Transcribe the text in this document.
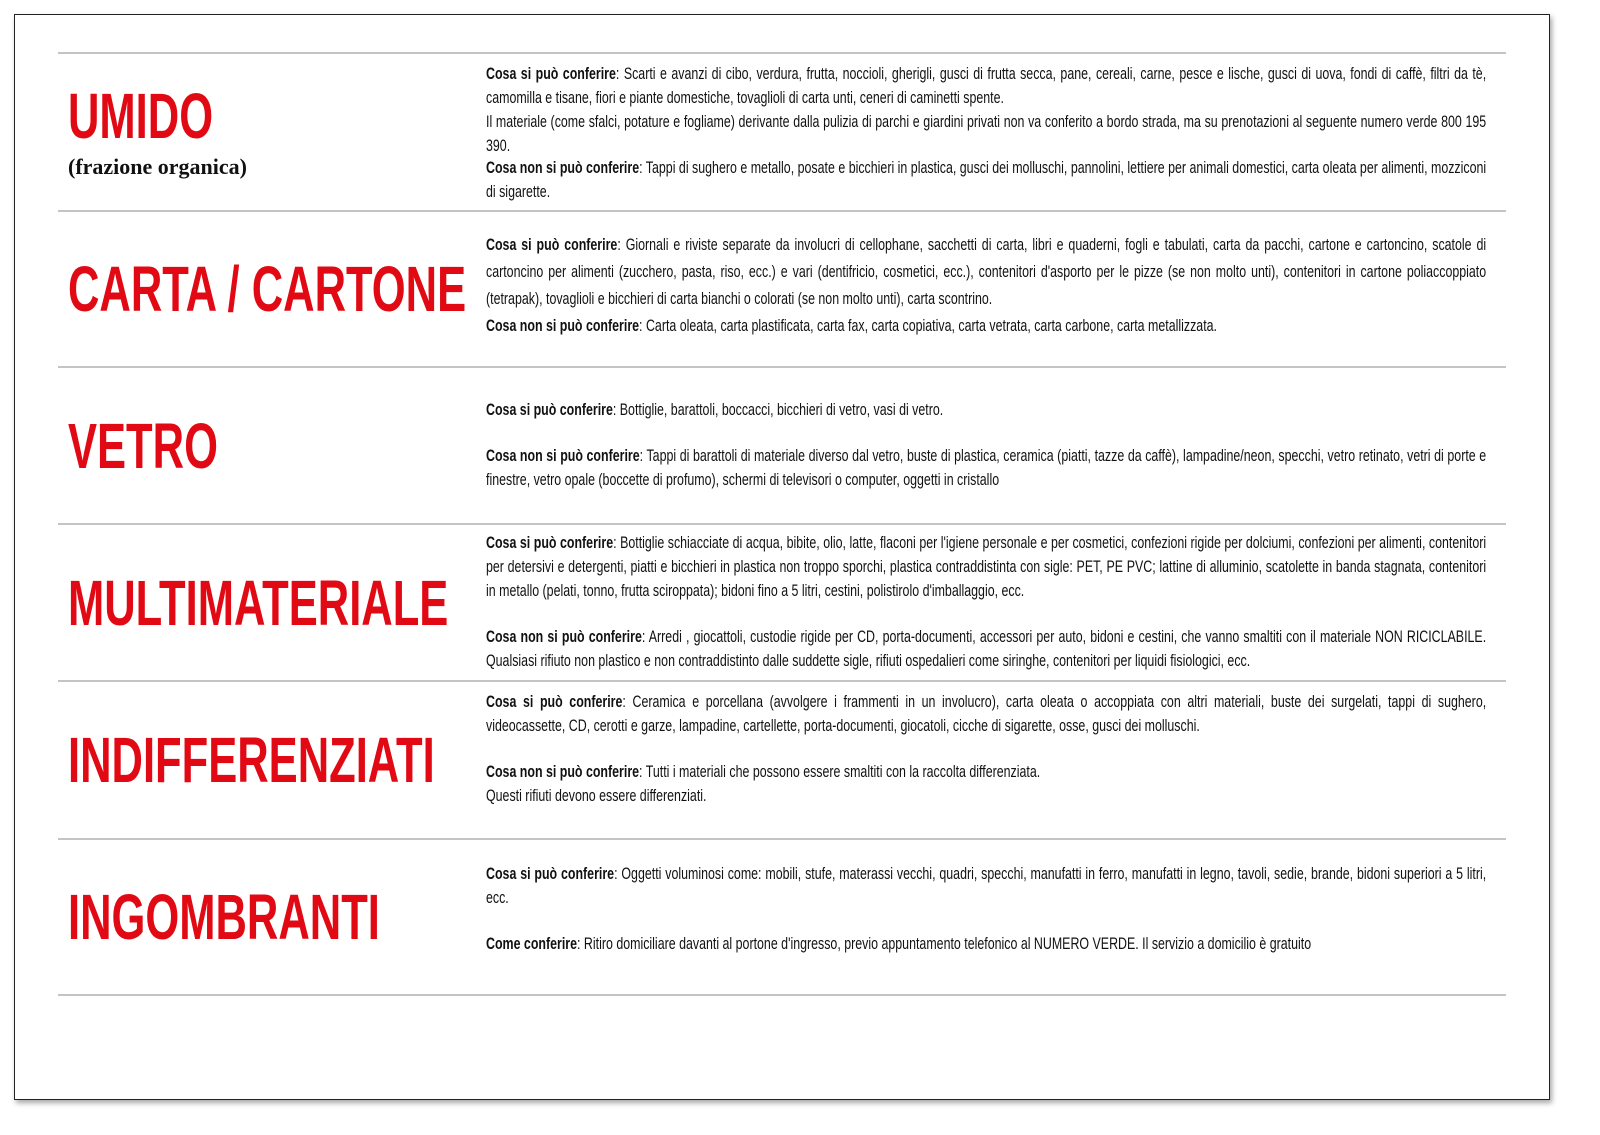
UMIDO
(frazione organica)
Cosa si può conferire: Scarti e avanzi di cibo, verdura, frutta, noccioli, gherigli, gusci di frutta secca, pane, cereali, carne, pesce e lische, gusci di uova, fondi di caffè, filtri da tè, camomilla e tisane, fiori e piante domestiche, tovaglioli di carta unti, ceneri di caminetti spente.
Il materiale (come sfalci, potature e fogliame) derivante dalla pulizia di parchi e giardini privati non va conferito a bordo strada, ma su prenotazioni al seguente numero verde 800 195 390.
Cosa non si può conferire: Tappi di sughero e metallo, posate e bicchieri in plastica, gusci dei molluschi, pannolini, lettiere per animali domestici, carta oleata per alimenti, mozziconi di sigarette.
CARTA / CARTONE
Cosa si può conferire: Giornali e riviste separate da involucri di cellophane, sacchetti di carta, libri e quaderni, fogli e tabulati, carta da pacchi, cartone e cartoncino, scatole di cartoncino per alimenti (zucchero, pasta, riso, ecc.) e vari (dentifricio, cosmetici, ecc.), contenitori d'asporto per le pizze (se non molto unti), contenitori in cartone poliaccoppiato (tetrapak), tovaglioli e bicchieri di carta bianchi o colorati (se non molto unti), carta scontrino.
Cosa non si può conferire: Carta oleata, carta plastificata, carta fax, carta copiativa, carta vetrata, carta carbone, carta metallizzata.
VETRO	Cosa si può conferire: Bottiglie, barattoli, boccacci, bicchieri di vetro, vasi di vetro.
Cosa non si può conferire: Tappi di barattoli di materiale diverso dal vetro, buste di plastica, ceramica (piatti, tazze da caffè), lampadine/neon, specchi, vetro retinato, vetri di porte e finestre, vetro opale (boccette di profumo), schermi di televisori o computer, oggetti in cristallo
MULTIMATERIALE
Cosa si può conferire: Bottiglie schiacciate di acqua, bibite, olio, latte, flaconi per l'igiene personale e per cosmetici, confezioni rigide per dolciumi, confezioni per alimenti, contenitori per detersivi e detergenti, piatti e bicchieri in plastica non troppo sporchi, plastica contraddistinta con sigle: PET, PE PVC; lattine di alluminio, scatolette in banda stagnata, contenitori in metallo (pelati, tonno, frutta sciroppata); bidoni fino a 5 litri, cestini, polistirolo d'imballaggio, ecc.
Cosa non si può conferire: Arredi , giocattoli, custodie rigide per CD, porta-documenti, accessori per auto, bidoni e cestini, che vanno smaltiti con il materiale NON RICICLABILE. Qualsiasi rifiuto non plastico e non contraddistinto dalle suddette sigle, rifiuti ospedalieri come siringhe, contenitori per liquidi fisiologici, ecc.
INDIFFERENZIATI
Cosa si può conferire: Ceramica e porcellana (avvolgere i frammenti in un involucro), carta oleata o accoppiata con altri materiali, buste dei surgelati, tappi di sughero, videocassette, CD, cerotti e garze, lampadine, cartellette, porta-documenti, giocatoli, cicche di sigarette, osse, gusci dei molluschi.
Cosa non si può conferire: Tutti i materiali che possono essere smaltiti con la raccolta differenziata.
Questi rifiuti devono essere differenziati.
INGOMBRANTI
Cosa si può conferire: Oggetti voluminosi come: mobili, stufe, materassi vecchi, quadri, specchi, manufatti in ferro, manufatti in legno, tavoli, sedie, brande, bidoni superiori a 5 litri, ecc.
Come conferire: Ritiro domiciliare davanti al portone d'ingresso, previo appuntamento telefonico al NUMERO VERDE. Il servizio a domicilio è gratuito
